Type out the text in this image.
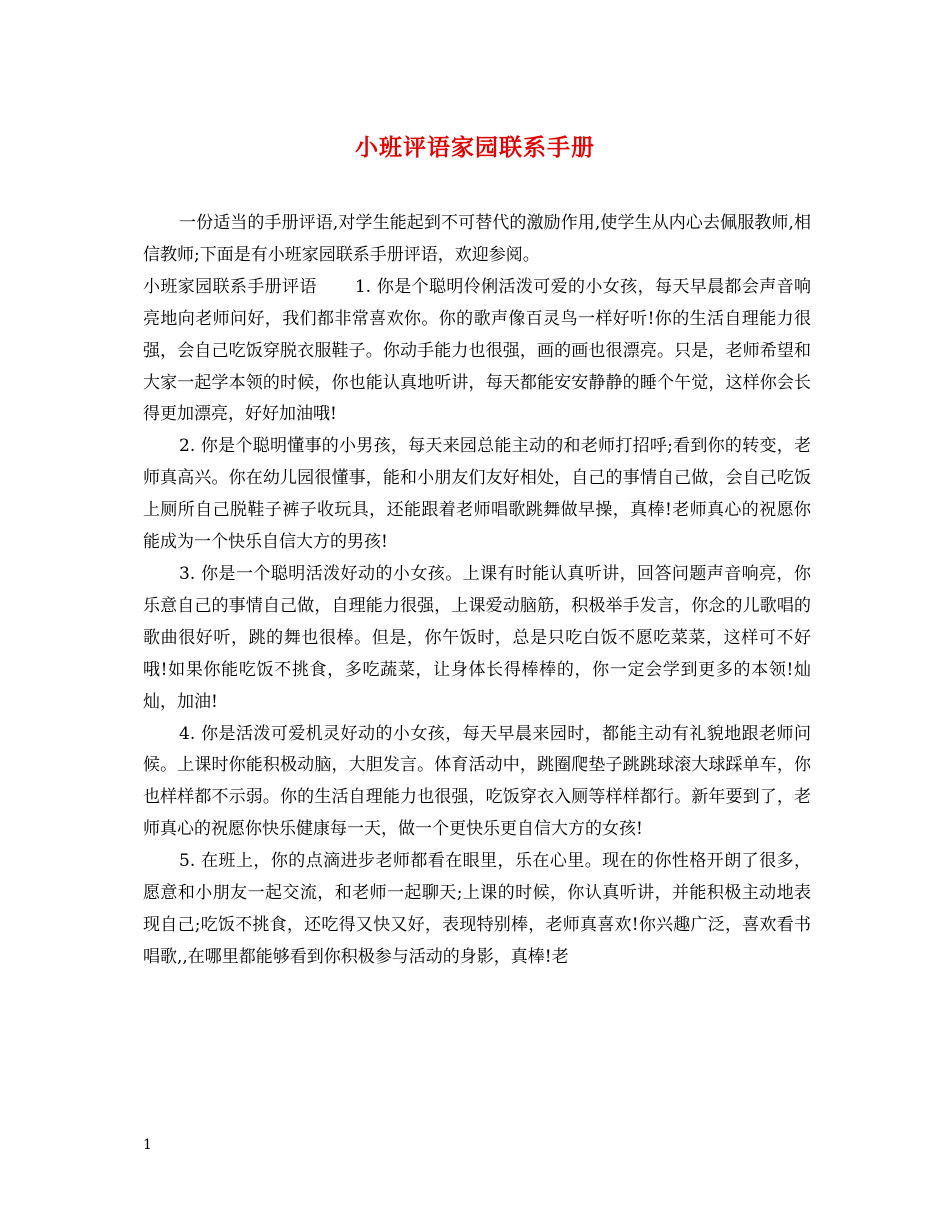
小班评语家园联系手册

一份适当的手册评语,对学生能起到不可替代的激励作用,使学生从内心去佩服教师,相信教师;下面是有小班家园联系手册评语，欢迎参阅。

小班家园联系手册评语 1. 你是个聪明伶俐活泼可爱的小女孩，每天早晨都会声音响亮地向老师问好，我们都非常喜欢你。你的歌声像百灵鸟一样好听!你的生活自理能力很强，会自己吃饭穿脱衣服鞋子。你动手能力也很强，画的画也很漂亮。只是，老师希望和大家一起学本领的时候，你也能认真地听讲，每天都能安安静静的睡个午觉，这样你会长得更加漂亮，好好加油哦!

2. 你是个聪明懂事的小男孩，每天来园总能主动的和老师打招呼;看到你的转变，老师真高兴。你在幼儿园很懂事，能和小朋友们友好相处，自己的事情自己做，会自己吃饭上厕所自己脱鞋子裤子收玩具，还能跟着老师唱歌跳舞做早操，真棒!老师真心的祝愿你能成为一个快乐自信大方的男孩!

3. 你是一个聪明活泼好动的小女孩。上课有时能认真听讲，回答问题声音响亮，你乐意自己的事情自己做，自理能力很强，上课爱动脑筋，积极举手发言，你念的儿歌唱的歌曲很好听，跳的舞也很棒。但是，你午饭时，总是只吃白饭不愿吃菜菜，这样可不好哦!如果你能吃饭不挑食，多吃蔬菜，让身体长得棒棒的，你一定会学到更多的本领!灿灿，加油!

4. 你是活泼可爱机灵好动的小女孩，每天早晨来园时，都能主动有礼貌地跟老师问候。上课时你能积极动脑，大胆发言。体育活动中，跳圈爬垫子跳跳球滚大球踩单车，你也样样都不示弱。你的生活自理能力也很强，吃饭穿衣入厕等样样都行。新年要到了，老师真心的祝愿你快乐健康每一天，做一个更快乐更自信大方的女孩!

5. 在班上，你的点滴进步老师都看在眼里，乐在心里。现在的你性格开朗了很多，愿意和小朋友一起交流，和老师一起聊天;上课的时候，你认真听讲，并能积极主动地表现自己;吃饭不挑食，还吃得又快又好，表现特别棒，老师真喜欢!你兴趣广泛，喜欢看书唱歌,,在哪里都能够看到你积极参与活动的身影，真棒!老

1
